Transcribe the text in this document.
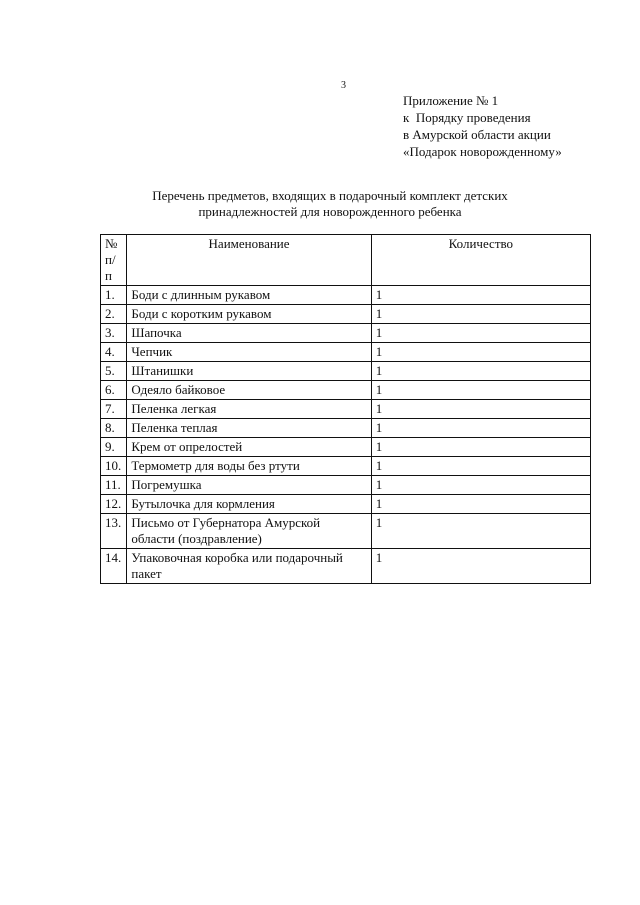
3
Приложение № 1
к  Порядку проведения
в Амурской области акции
«Подарок новорожденному»
Перечень предметов, входящих в подарочный комплект детских
принадлежностей для новорожденного ребенка
№
п/п	Наименование	Количество
1.	Боди с длинным рукавом	1
2.	Боди с коротким рукавом	1
3.	Шапочка	1
4.	Чепчик	1
5.	Штанишки	1
6.	Одеяло байковое	1
7.	Пеленка легкая	1
8.	Пеленка теплая	1
9.	Крем от опрелостей	1
10.	Термометр для воды без ртути	1
11.	Погремушка	1
12.	Бутылочка для кормления	1
13.	Письмо от Губернатора Амурской области (поздравление)	1
14.	Упаковочная коробка или подарочный пакет	1
